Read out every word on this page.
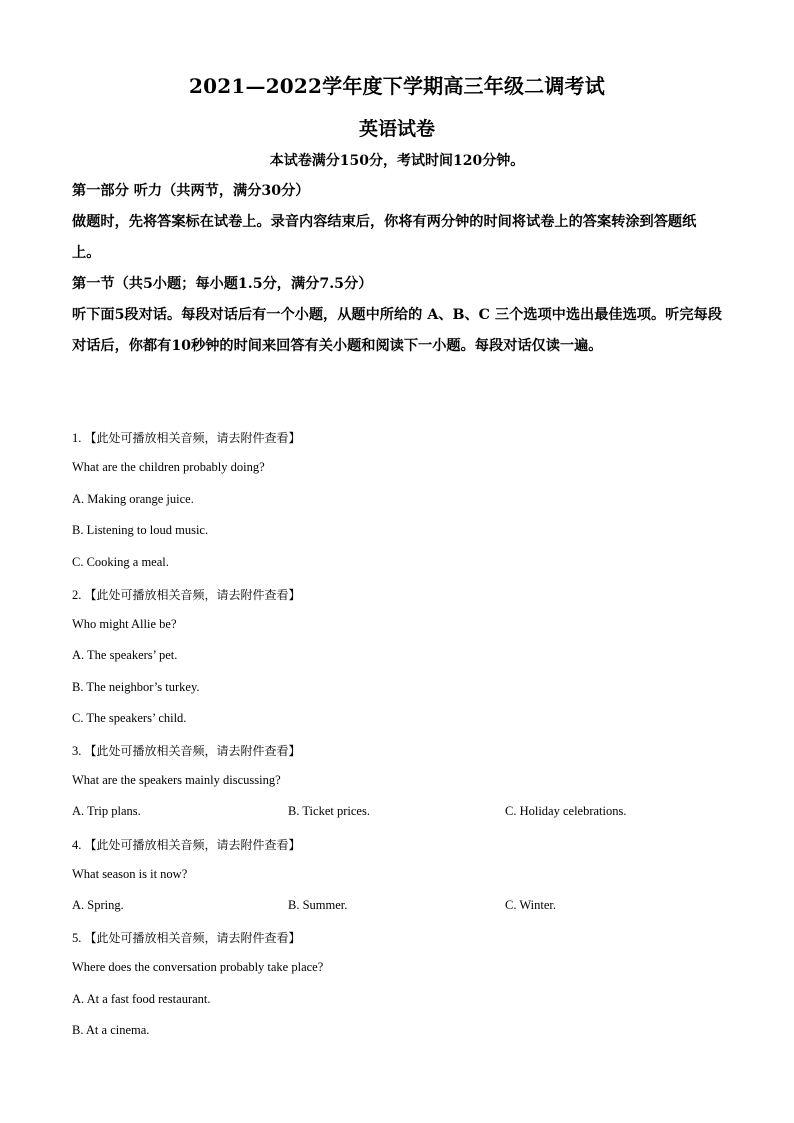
2021—2022学年度下学期高三年级二调考试
英语试卷
本试卷满分150分，考试时间120分钟。
第一部分 听力（共两节，满分30分）
做题时，先将答案标在试卷上。录音内容结束后，你将有两分钟的时间将试卷上的答案转涂到答题纸上。
第一节（共5小题；每小题1.5分，满分7.5分）
听下面5段对话。每段对话后有一个小题，从题中所给的 A、B、C 三个选项中选出最佳选项。听完每段对话后，你都有10秒钟的时间来回答有关小题和阅读下一小题。每段对话仅读一遍。
1. 【此处可播放相关音频，请去附件查看】
What are the children probably doing?
A. Making orange juice.
B. Listening to loud music.
C. Cooking a meal.
2. 【此处可播放相关音频，请去附件查看】
Who might Allie be?
A. The speakers’ pet.
B. The neighbor’s turkey.
C. The speakers’ child.
3. 【此处可播放相关音频，请去附件查看】
What are the speakers mainly discussing?
A. Trip plans.	B. Ticket prices.	C. Holiday celebrations.
4. 【此处可播放相关音频，请去附件查看】
What season is it now?
A. Spring.	B. Summer.	C. Winter.
5. 【此处可播放相关音频，请去附件查看】
Where does the conversation probably take place?
A. At a fast food restaurant.
B. At a cinema.
